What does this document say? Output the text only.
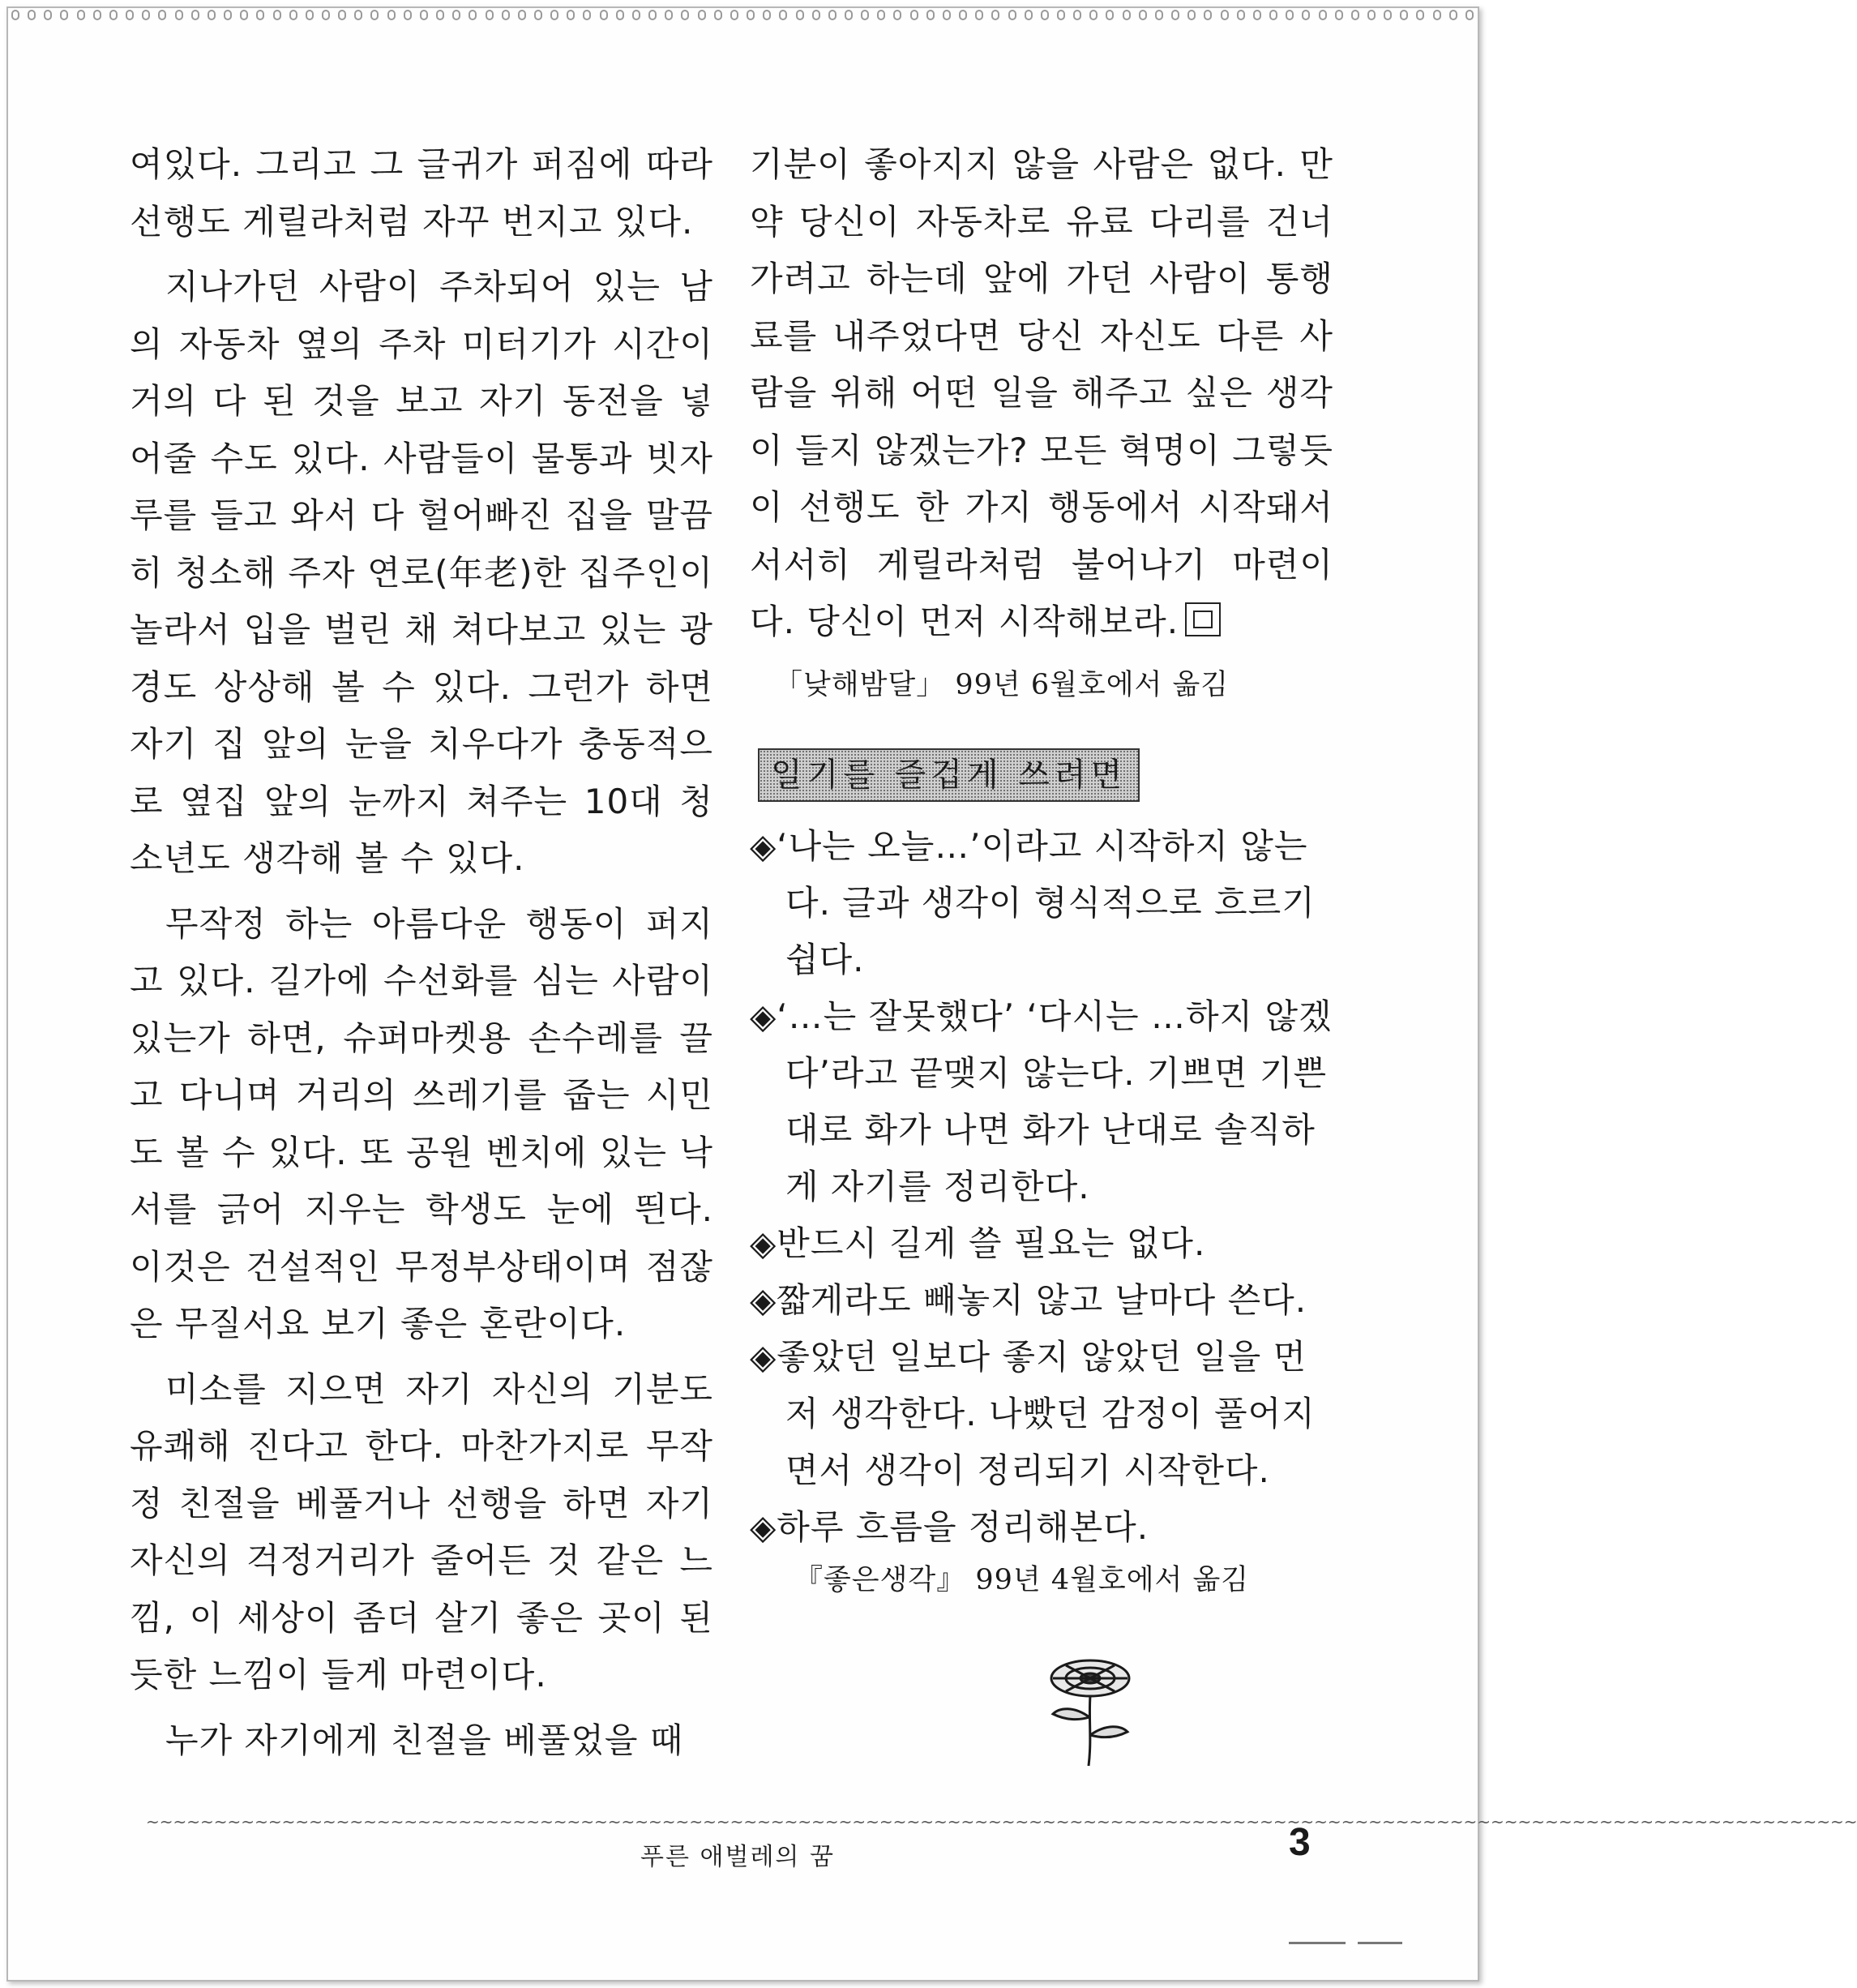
여있다. 그리고 그 글귀가 퍼짐에 따라 선행도 게릴라처럼 자꾸 번지고 있다.

지나가던 사람이 주차되어 있는 남의 자동차 옆의 주차 미터기가 시간이 거의 다 된 것을 보고 자기 동전을 넣어줄 수도 있다. 사람들이 물통과 빗자루를 들고 와서 다 헐어빠진 집을 말끔히 청소해 주자 연로(年老)한 집주인이 놀라서 입을 벌린 채 쳐다보고 있는 광경도 상상해 볼 수 있다. 그런가 하면 자기 집 앞의 눈을 치우다가 충동적으로 옆집 앞의 눈까지 쳐주는 10대 청소년도 생각해 볼 수 있다.

무작정 하는 아름다운 행동이 퍼지고 있다. 길가에 수선화를 심는 사람이 있는가 하면, 슈퍼마켓용 손수레를 끌고 다니며 거리의 쓰레기를 줍는 시민도 볼 수 있다. 또 공원 벤치에 있는 낙서를 긁어 지우는 학생도 눈에 띈다. 이것은 건설적인 무정부상태이며 점잖은 무질서요 보기 좋은 혼란이다.

미소를 지으면 자기 자신의 기분도 유쾌해 진다고 한다. 마찬가지로 무작정 친절을 베풀거나 선행을 하면 자기 자신의 걱정거리가 줄어든 것 같은 느낌, 이 세상이 좀더 살기 좋은 곳이 된 듯한 느낌이 들게 마련이다.

누가 자기에게 친절을 베풀었을 때

기분이 좋아지지 않을 사람은 없다. 만약 당신이 자동차로 유료 다리를 건너가려고 하는데 앞에 가던 사람이 통행료를 내주었다면 당신 자신도 다른 사람을 위해 어떤 일을 해주고 싶은 생각이 들지 않겠는가? 모든 혁명이 그렇듯이 선행도 한 가지 행동에서 시작돼서 서서히 게릴라처럼 불어나기 마련이다. 당신이 먼저 시작해보라.

「낮해밤달」 99년 6월호에서 옮김

일기를 즐겁게 쓰려면
◈‘나는 오늘…’이라고 시작하지 않는다. 글과 생각이 형식적으로 흐르기 쉽다.
◈‘…는 잘못했다’ ‘다시는 …하지 않겠다’라고 끝맺지 않는다. 기쁘면 기쁜대로 화가 나면 화가 난대로 솔직하게 자기를 정리한다.
◈반드시 길게 쓸 필요는 없다.
◈짧게라도 빼놓지 않고 날마다 쓴다.
◈좋았던 일보다 좋지 않았던 일을 먼저 생각한다. 나빴던 감정이 풀어지면서 생각이 정리되기 시작한다.
◈하루 흐름을 정리해본다.

『좋은생각』 99년 4월호에서 옮김

~~~~~~~~~~~~~~~~~~~~~~~~~~~~~~~~~~~~~~~~~~~~~~~~~~~~~~~~~~~~~~~~~~~~~~~~~~~~~~~~~~~~~~~~~~~~~~~~~~~~~~~~~~~~~~~~~~~~~~~~~~~~~~
푸른 애벌레의 꿈	3
